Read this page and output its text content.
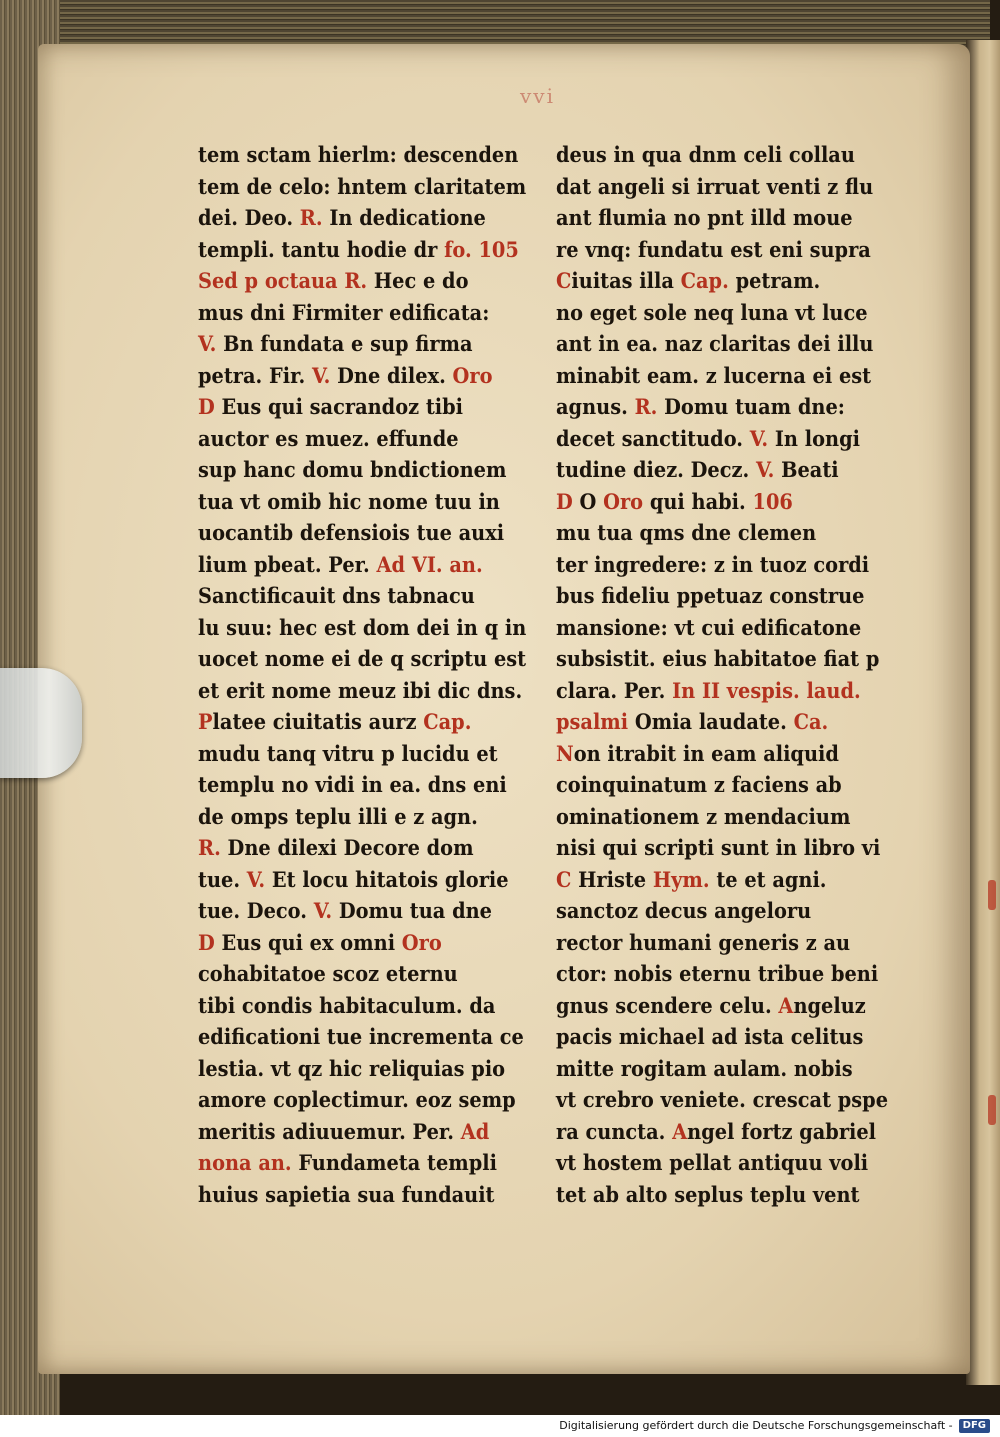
vvi
tem sctam hierlm: descenden
tem de celo: hntem claritatem
dei. Deo. R. In dedicatione
templi. tantu hodie dr fo. 105
Sed p octaua R. Hec e do
mus dni Firmiter edificata:
V. Bn fundata e sup firma
petra. Fir. V. Dne dilex. Oro
D Eus qui sacrandoz tibi
auctor es muez. effunde
sup hanc domu bndictionem
tua vt omib hic nome tuu in
uocantib defensiois tue auxi
lium pbeat. Per. Ad VI. an.
Sanctificauit dns tabnacu
lu suu: hec est dom dei in q in
uocet nome ei de q scriptu est
et erit nome meuz ibi dic dns.
Platee ciuitatis aurz Cap.
mudu tanq vitru p lucidu et
templu no vidi in ea. dns eni
de omps teplu illi e z agn.
R. Dne dilexi Decore dom
tue. V. Et locu hitatois glorie
tue. Deco. V. Domu tua dne
D Eus qui ex omni Oro
cohabitatoe scoz eternu
tibi condis habitaculum. da
edificationi tue incrementa ce
lestia. vt qz hic reliquias pio
amore coplectimur. eoz semp
meritis adiuuemur. Per. Ad
nona an. Fundameta templi
huius sapietia sua fundauit
deus in qua dnm celi collau
dat angeli si irruat venti z flu
ant flumia no pnt illd moue
re vnq: fundatu est eni supra
Ciuitas illa Cap. petram.
no eget sole neq luna vt luce
ant in ea. naz claritas dei illu
minabit eam. z lucerna ei est
agnus. R. Domu tuam dne:
decet sanctitudo. V. In longi
tudine diez. Decz. V. Beati
D O Oro qui habi. 106
mu tua qms dne clemen
ter ingredere: z in tuoz cordi
bus fideliu ppetuaz construe
mansione: vt cui edificatone
subsistit. eius habitatoe fiat p
clara. Per. In II vespis. laud.
psalmi Omia laudate. Ca.
Non itrabit in eam aliquid
coinquinatum z faciens ab
ominationem z mendacium
nisi qui scripti sunt in libro vi
C Hriste Hym. te et agni.
sanctoz decus angeloru
rector humani generis z au
ctor: nobis eternu tribue beni
gnus scendere celu. Angeluz
pacis michael ad ista celitus
mitte rogitam aulam. nobis
vt crebro veniete. crescat pspe
ra cuncta. Angel fortz gabriel
vt hostem pellat antiquu voli
tet ab alto seplus teplu vent
Digitalisierung gefördert durch die Deutsche Forschungsgemeinschaft - DFG
